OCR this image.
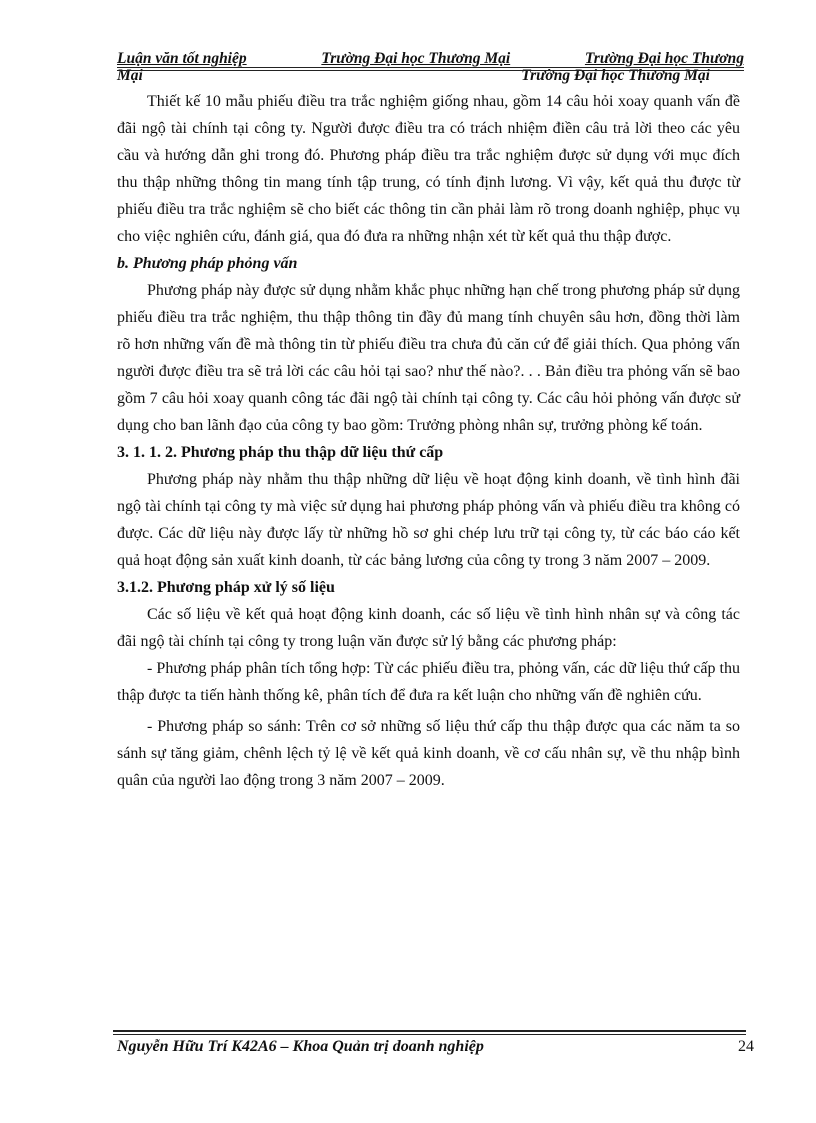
Luận văn tốt nghiệp	Trường Đại học Thương Mại	Trường Đại học Thương
Mại	Trường Đại học Thương Mại

Thiết kế 10 mẫu phiếu điều tra trắc nghiệm giống nhau, gồm 14 câu hỏi xoay quanh vấn đề đãi ngộ tài chính tại công ty. Người được điều tra có trách nhiệm điền câu trả lời theo các yêu cầu và hướng dẫn ghi trong đó. Phương pháp điều tra trắc nghiệm được sử dụng với mục đích thu thập những thông tin mang tính tập trung, có tính định lương. Vì vậy, kết quả thu được từ phiếu điều tra trắc nghiệm sẽ cho biết các thông tin cần phải làm rõ trong doanh nghiệp, phục vụ cho việc nghiên cứu, đánh giá, qua đó đưa ra những nhận xét từ kết quả thu thập được.

b. Phương pháp phỏng vấn

Phương pháp này được sử dụng nhằm khắc phục những hạn chế trong phương pháp sử dụng phiếu điều tra trắc nghiệm, thu thập thông tin đầy đủ mang tính chuyên sâu hơn, đồng thời làm rõ hơn những vấn đề mà thông tin từ phiếu điều tra chưa đủ căn cứ để giải thích. Qua phỏng vấn người được điều tra sẽ trả lời các câu hỏi tại sao? như thế nào?. . . Bản điều tra phỏng vấn sẽ bao gồm 7 câu hỏi xoay quanh công tác đãi ngộ tài chính tại công ty. Các câu hỏi phỏng vấn được sử dụng cho ban lãnh đạo của công ty bao gồm: Trưởng phòng nhân sự, trưởng phòng kế toán.

3. 1. 1. 2. Phương pháp thu thập dữ liệu thứ cấp

Phương pháp này nhằm thu thập những dữ liệu về hoạt động kinh doanh, về tình hình đãi ngộ tài chính tại công ty mà việc sử dụng hai phương pháp phỏng vấn và phiếu điều tra không có được. Các dữ liệu này được lấy từ những hồ sơ ghi chép lưu trữ tại công ty, từ các báo cáo kết quả hoạt động sản xuất kinh doanh, từ các bảng lương của công ty trong 3 năm 2007 – 2009.

3.1.2. Phương pháp xử lý số liệu

Các số liệu về kết quả hoạt động kinh doanh, các số liệu về tình hình nhân sự và công tác đãi ngộ tài chính tại công ty trong luận văn được sử lý bằng các phương pháp:

- Phương pháp phân tích tổng hợp: Từ các phiếu điều tra, phỏng vấn, các dữ liệu thứ cấp thu thập được ta tiến hành thống kê, phân tích để đưa ra kết luận cho những vấn đề nghiên cứu.

- Phương pháp so sánh: Trên cơ sở những số liệu thứ cấp thu thập được qua các năm ta so sánh sự tăng giảm, chênh lệch tỷ lệ về kết quả kinh doanh, về cơ cấu nhân sự, về thu nhập bình quân của người lao động trong 3 năm 2007 – 2009.

Nguyễn Hữu Trí K42A6 – Khoa Quản trị doanh nghiệp	24
